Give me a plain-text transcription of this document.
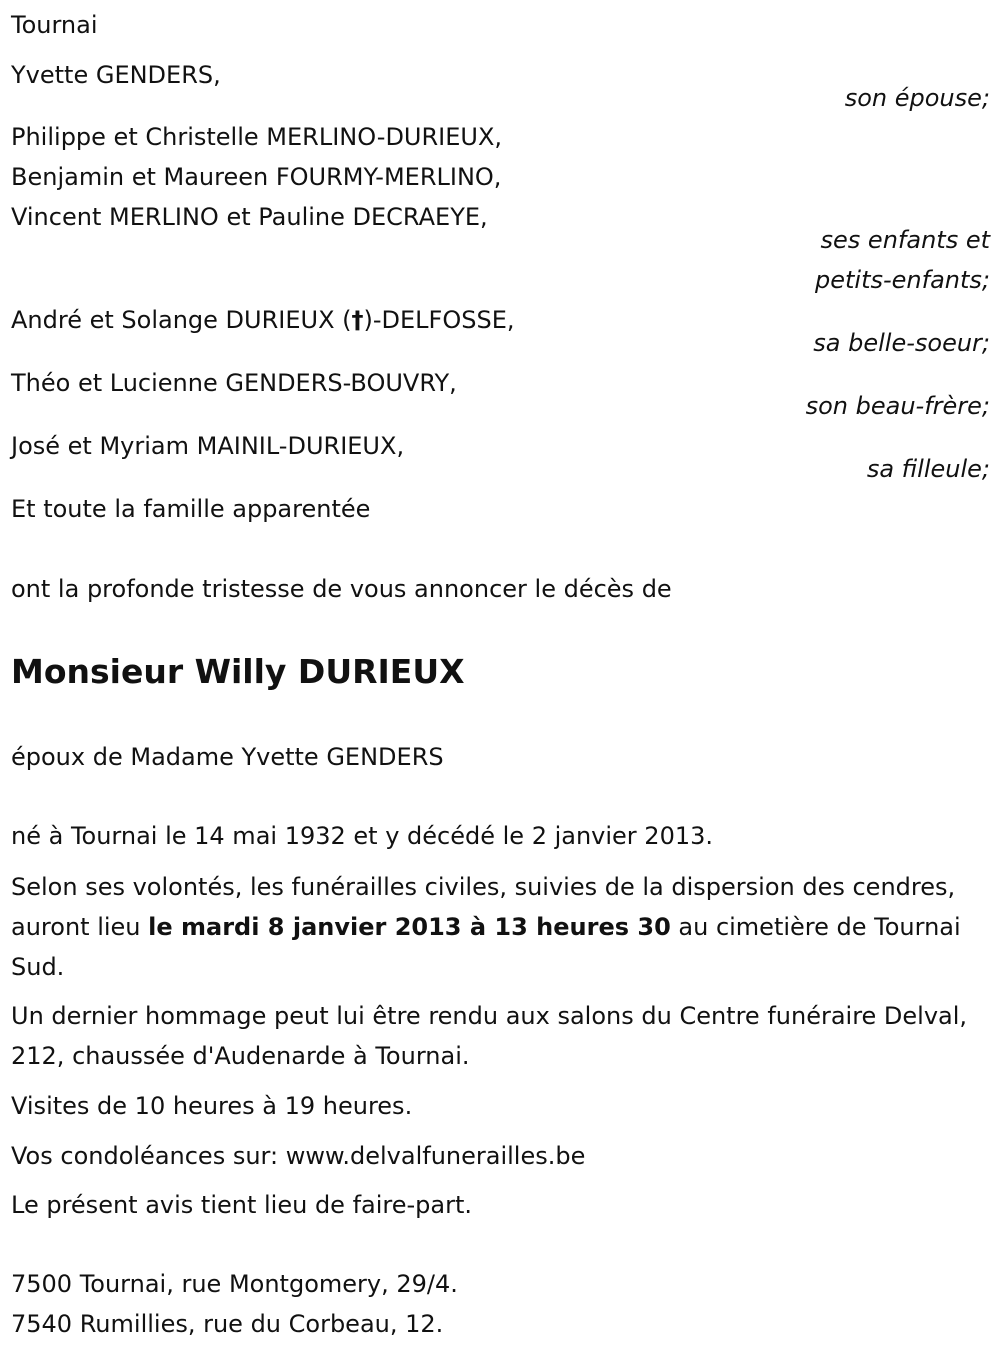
Tournai
Yvette GENDERS,
son épouse;
Philippe et Christelle MERLINO-DURIEUX,
Benjamin et Maureen FOURMY-MERLINO,
Vincent MERLINO et Pauline DECRAEYE,
ses enfants et
petits-enfants;
André et Solange DURIEUX (†)-DELFOSSE,
sa belle-soeur;
Théo et Lucienne GENDERS-BOUVRY,
son beau-frère;
José et Myriam MAINIL-DURIEUX,
sa filleule;
Et toute la famille apparentée
ont la profonde tristesse de vous annoncer le décès de
Monsieur Willy DURIEUX
époux de Madame Yvette GENDERS
né à Tournai le 14 mai 1932 et y décédé le 2 janvier 2013.
Selon ses volontés, les funérailles civiles, suivies de la dispersion des cendres, auront lieu le mardi 8 janvier 2013 à 13 heures 30 au cimetière de Tournai Sud.
Un dernier hommage peut lui être rendu aux salons du Centre funéraire Delval, 212, chaussée d'Audenarde à Tournai.
Visites de 10 heures à 19 heures.
Vos condoléances sur: www.delvalfunerailles.be
Le présent avis tient lieu de faire-part.
7500 Tournai, rue Montgomery, 29/4.
7540 Rumillies, rue du Corbeau, 12.
